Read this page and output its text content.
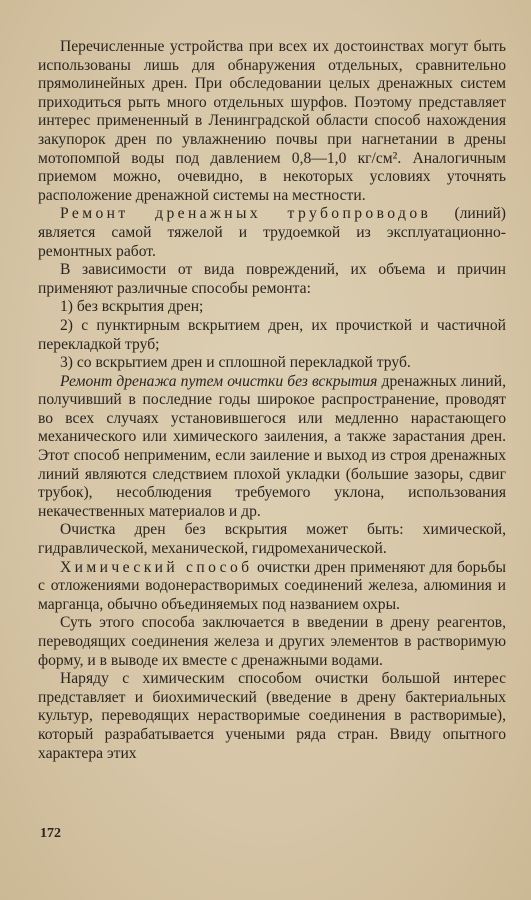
Перечисленные устройства при всех их достоинствах могут быть использованы лишь для обнаружения отдельных, сравнительно прямолинейных дрен. При обследовании целых дренажных систем приходиться рыть много отдельных шурфов. Поэтому представляет интерес примененный в Ленинградской области способ нахождения закупорок дрен по увлажнению почвы при нагнетании в дрены мотопомпой воды под давлением 0,8—1,0 кг/см². Аналогичным приемом можно, очевидно, в некоторых условиях уточнять расположение дренажной системы на местности.

Ремонт дренажных трубопроводов (линий) является самой тяжелой и трудоемкой из эксплуатационно-ремонтных работ.

В зависимости от вида повреждений, их объема и причин применяют различные способы ремонта:

1) без вскрытия дрен;

2) с пунктирным вскрытием дрен, их прочисткой и частичной перекладкой труб;

3) со вскрытием дрен и сплошной перекладкой труб.

Ремонт дренажа путем очистки без вскрытия дренажных линий, получивший в последние годы широкое распространение, проводят во всех случаях установившегося или медленно нарастающего механического или химического заиления, а также зарастания дрен. Этот способ неприменим, если заиление и выход из строя дренажных линий являются следствием плохой укладки (большие зазоры, сдвиг трубок), несоблюдения требуемого уклона, использования некачественных материалов и др.

Очистка дрен без вскрытия может быть: химической, гидравлической, механической, гидромеханической.

Химический способ очистки дрен применяют для борьбы с отложениями водонерастворимых соединений железа, алюминия и марганца, обычно объединяемых под названием охры.

Суть этого способа заключается в введении в дрену реагентов, переводящих соединения железа и других элементов в растворимую форму, и в выводе их вместе с дренажными водами.

Наряду с химическим способом очистки большой интерес представляет и биохимический (введение в дрену бактериальных культур, переводящих нерастворимые соединения в растворимые), который разрабатывается учеными ряда стран. Ввиду опытного характера этих

172
